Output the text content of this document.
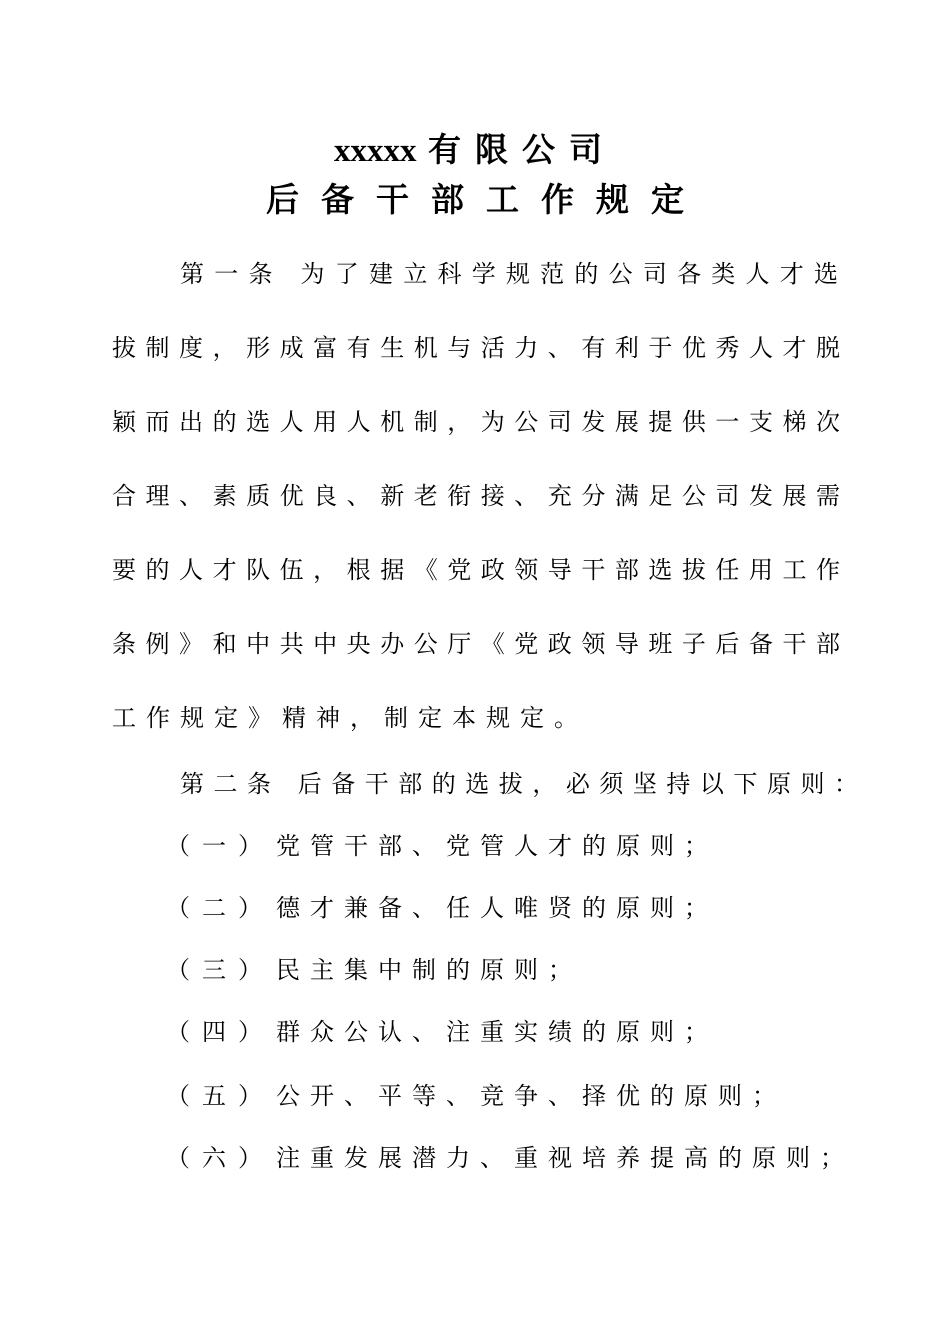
xxxxx 有限公司
后备干部工作规定

第一条 为了建立科学规范的公司各类人才选

拔制度，形成富有生机与活力、有利于优秀人才脱

颖而出的选人用人机制，为公司发展提供一支梯次

合理、素质优良、新老衔接、充分满足公司发展需

要的人才队伍，根据《党政领导干部选拔任用工作

条例》和中共中央办公厅《党政领导班子后备干部

工作规定》精神，制定本规定。

第二条 后备干部的选拔，必须坚持以下原则：

（一）党管干部、党管人才的原则；

（二）德才兼备、任人唯贤的原则；

（三）民主集中制的原则；

（四）群众公认、注重实绩的原则；

（五）公开、平等、竞争、择优的原则；

（六）注重发展潜力、重视培养提高的原则；
